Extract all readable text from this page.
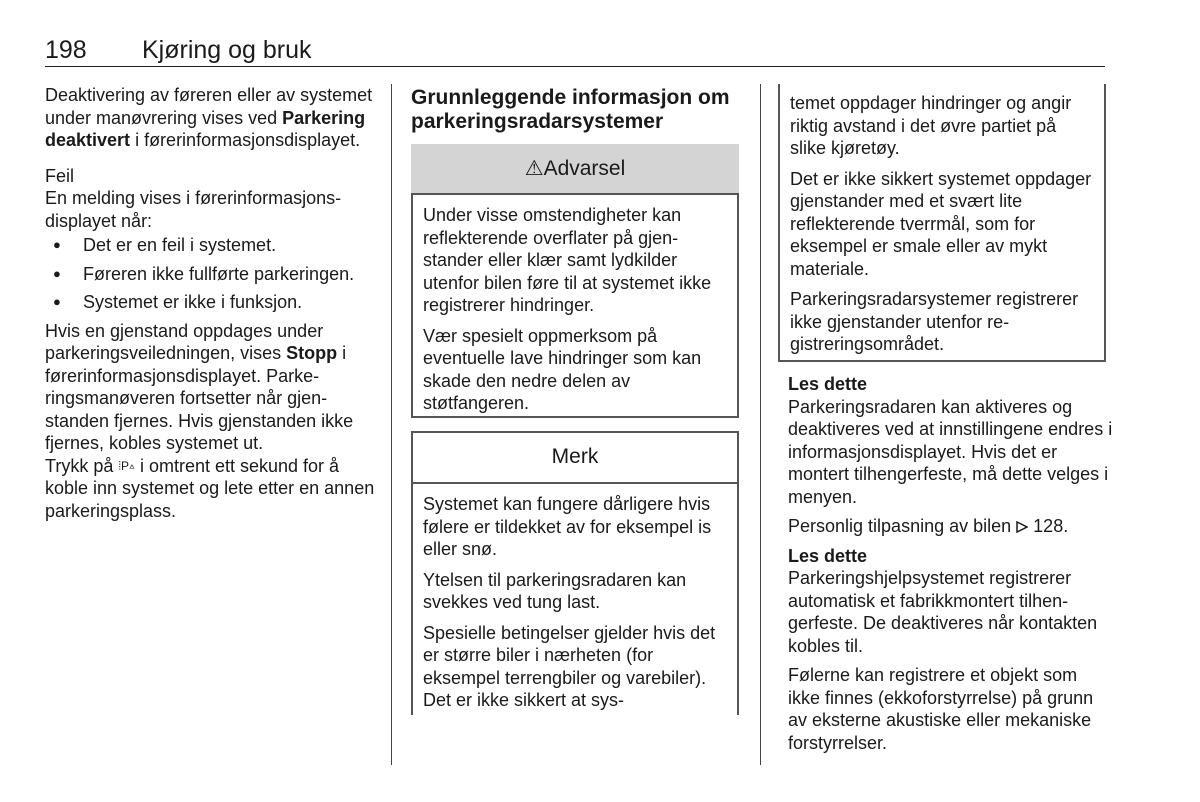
198 Kjøring og bruk

Deaktivering av føreren eller av systemet under manøvrering vises ved Parkering deaktivert i førerinformasjonsdisplayet.

Feil

En melding vises i førerinformasjonsdisplayet når:

● Det er en feil i systemet.
● Føreren ikke fullførte parkeringen.
● Systemet er ikke i funksjon.

Hvis en gjenstand oppdages under parkeringsveiledningen, vises Stopp i førerinformasjonsdisplayet. Parkeringsmanøveren fortsetter når gjenstanden fjernes. Hvis gjenstanden ikke fjernes, kobles systemet ut.

Trykk på ⦙P▵ i omtrent ett sekund for å koble inn systemet og lete etter en annen parkeringsplass.

Grunnleggende informasjon om parkeringsradarsystemer
⚠Advarsel

Under visse omstendigheter kan reflekterende overflater på gjenstander eller klær samt lydkilder utenfor bilen føre til at systemet ikke registrerer hindringer.

Vær spesielt oppmerksom på eventuelle lave hindringer som kan skade den nedre delen av støtfangeren.

Merk

Systemet kan fungere dårligere hvis følere er tildekket av for eksempel is eller snø.

Ytelsen til parkeringsradaren kan svekkes ved tung last.

Spesielle betingelser gjelder hvis det er større biler i nærheten (for eksempel terrengbiler og varebiler). Det er ikke sikkert at sys-

temet oppdager hindringer og angir riktig avstand i det øvre partiet på slike kjøretøy.

Det er ikke sikkert systemet oppdager gjenstander med et svært lite reflekterende tverrmål, som for eksempel er smale eller av mykt materiale.

Parkeringsradarsystemer registrerer ikke gjenstander utenfor registreringsområdet.

Les dette

Parkeringsradaren kan aktiveres og deaktiveres ved at innstillingene endres i informasjonsdisplayet. Hvis det er montert tilhengerfeste, må dette velges i menyen.

Personlig tilpasning av bilen 128.

Les dette

Parkeringshjelpsystemet registrerer automatisk et fabrikkmontert tilhengerfeste. De deaktiveres når kontakten kobles til.

Følerne kan registrere et objekt som ikke finnes (ekkoforstyrrelse) på grunn av eksterne akustiske eller mekaniske forstyrrelser.
